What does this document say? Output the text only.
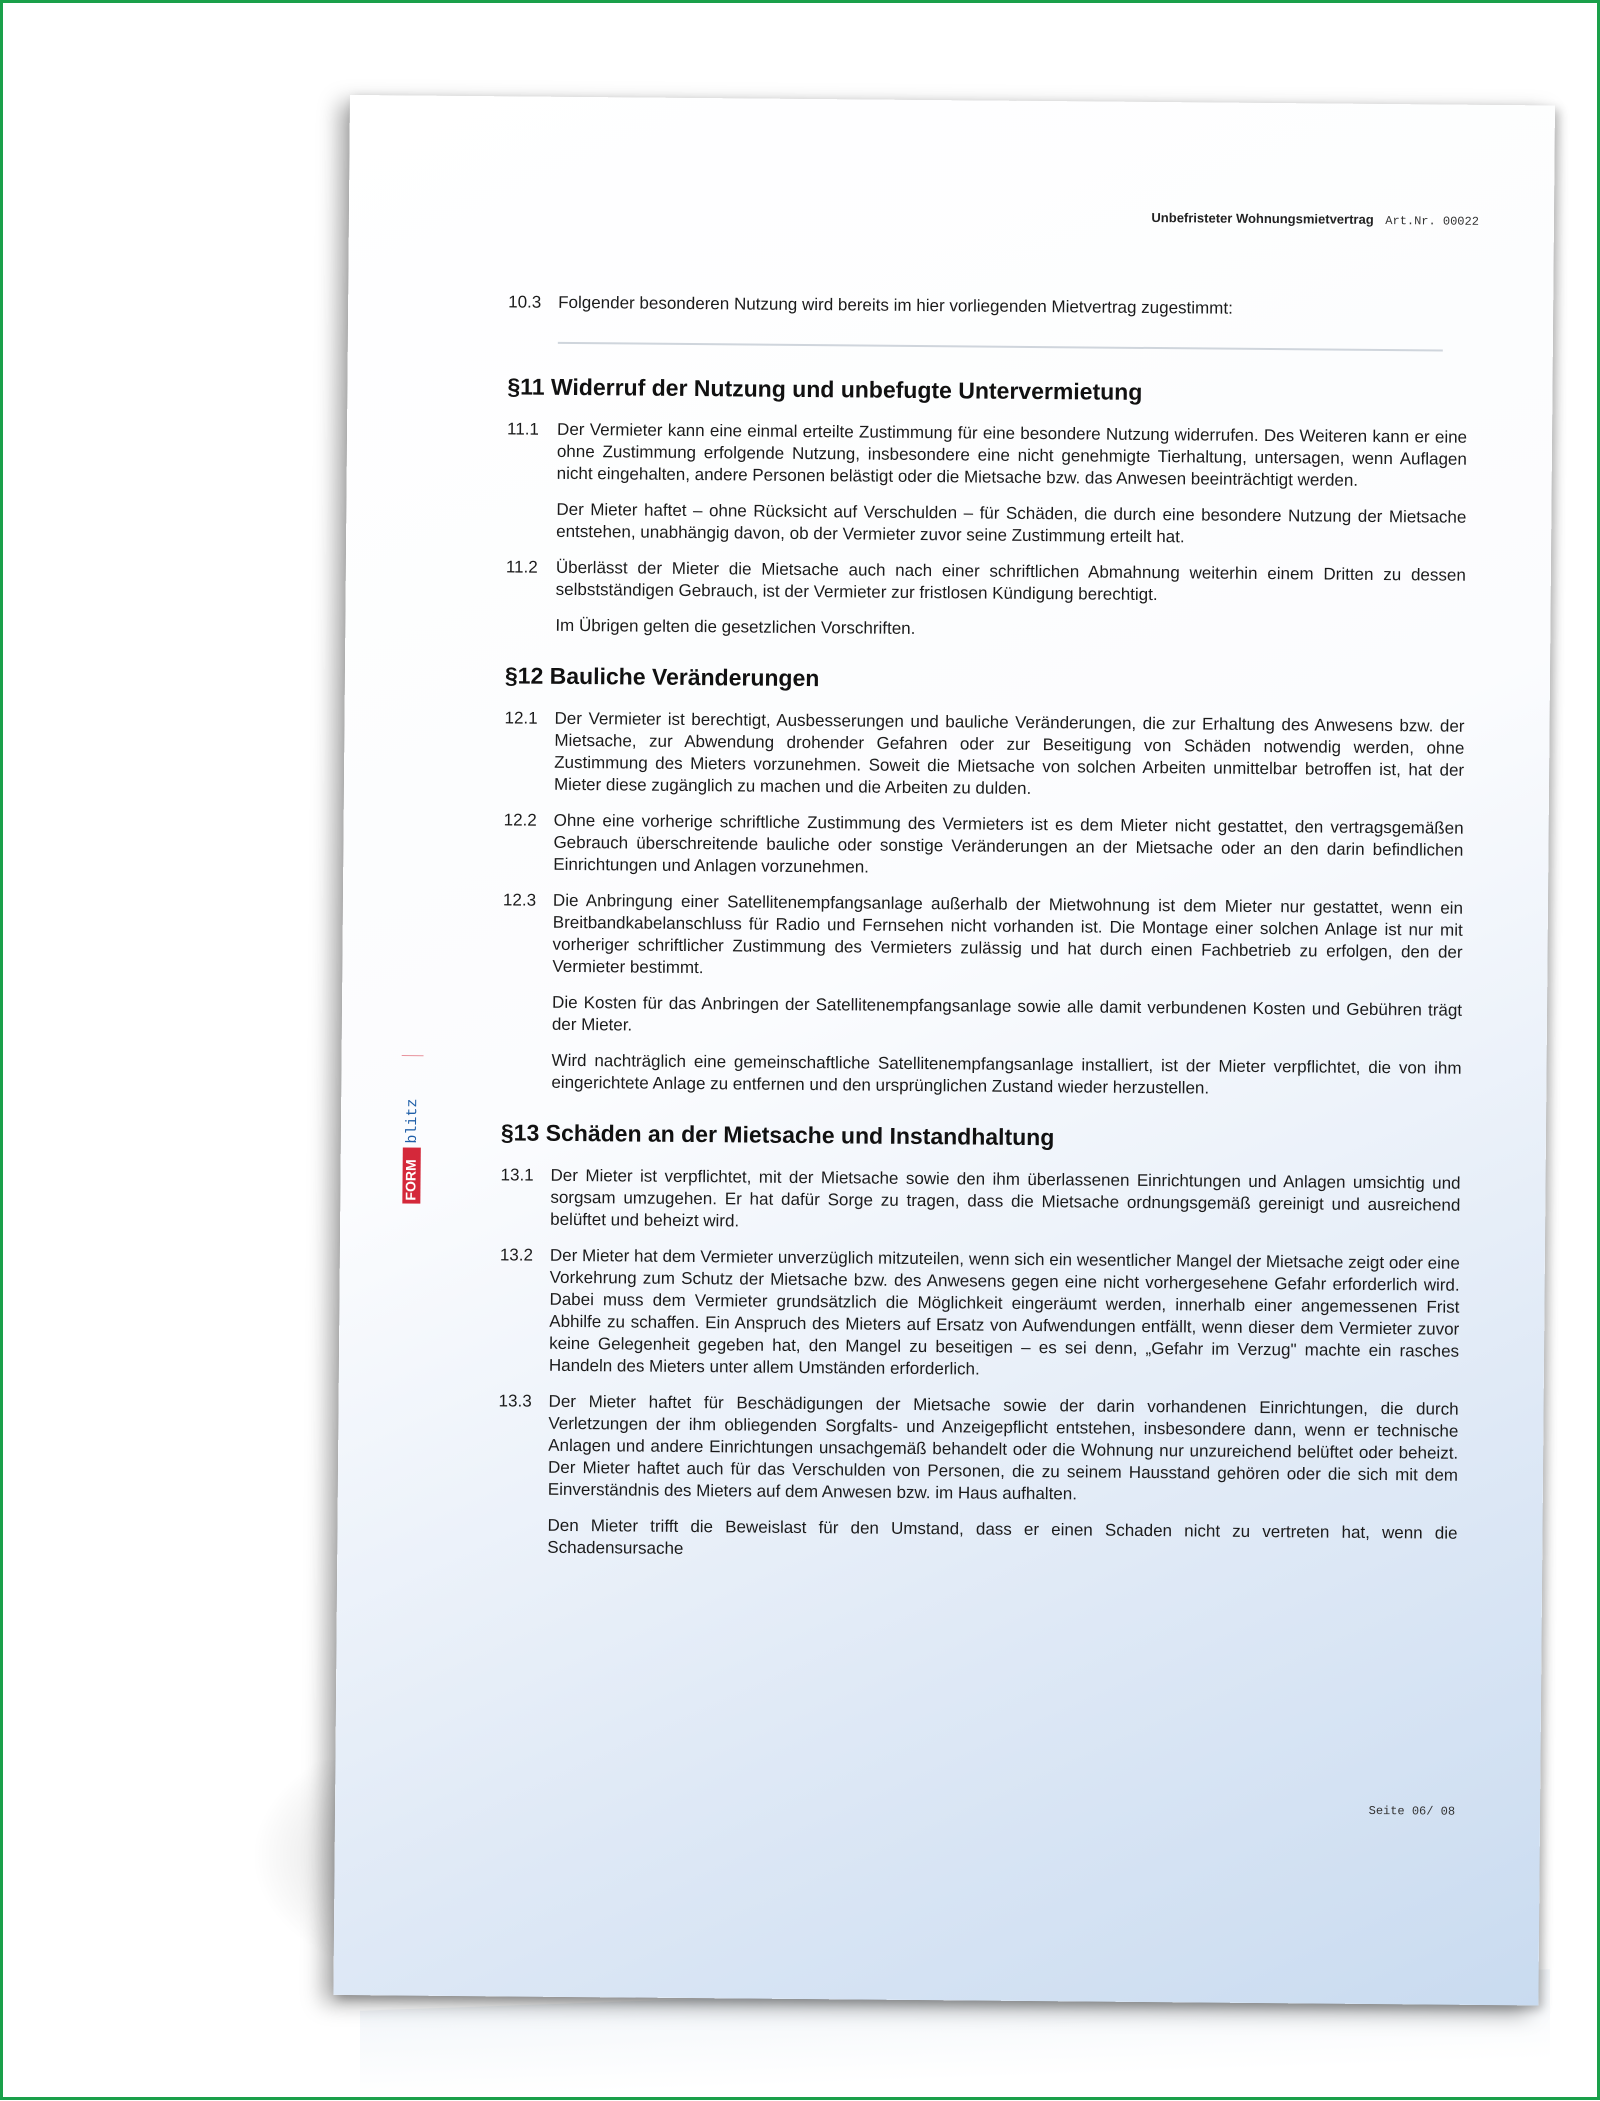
Unbefristeter Wohnungsmietvertrag Art.Nr. 00022
FORM
blitz
10.3 Folgender besonderen Nutzung wird bereits im hier vorliegenden Mietvertrag zugestimmt:
§11 Widerruf der Nutzung und unbefugte Untervermietung
11.1	Der Vermieter kann eine einmal erteilte Zustimmung für eine besondere Nutzung widerrufen. Des Weiteren kann er eine ohne Zustimmung erfolgende Nutzung, insbesondere eine nicht genehmigte Tierhaltung, untersagen, wenn Auflagen nicht eingehalten, andere Personen belästigt oder die Mietsache bzw. das Anwesen beeinträchtigt werden.
Der Mieter haftet – ohne Rücksicht auf Verschulden – für Schäden, die durch eine besondere Nutzung der Mietsache entstehen, unabhängig davon, ob der Vermieter zuvor seine Zustimmung erteilt hat.
11.2	Überlässt der Mieter die Mietsache auch nach einer schriftlichen Abmahnung weiterhin einem Dritten zu dessen selbstständigen Gebrauch, ist der Vermieter zur fristlosen Kündigung berechtigt.
Im Übrigen gelten die gesetzlichen Vorschriften.
§12 Bauliche Veränderungen
12.1 Der Vermieter ist berechtigt, Ausbesserungen und bauliche Veränderungen, die zur Erhaltung des Anwesens bzw. der Mietsache, zur Abwendung drohender Gefahren oder zur Beseitigung von Schäden notwendig werden, ohne Zustimmung des Mieters vorzunehmen. Soweit die Mietsache von solchen Arbeiten unmittelbar betroffen ist, hat der Mieter diese zugänglich zu machen und die Arbeiten zu dulden.
12.2 Ohne eine vorherige schriftliche Zustimmung des Vermieters ist es dem Mieter nicht gestattet, den vertragsgemäßen Gebrauch überschreitende bauliche oder sonstige Veränderungen an der Mietsache oder an den darin befindlichen Einrichtungen und Anlagen vorzunehmen.
12.3 Die Anbringung einer Satellitenempfangsanlage außerhalb der Mietwohnung ist dem Mieter nur gestattet, wenn ein Breitbandkabelanschluss für Radio und Fernsehen nicht vorhanden ist. Die Montage einer solchen Anlage ist nur mit vorheriger schriftlicher Zustimmung des Vermieters zulässig und hat durch einen Fachbetrieb zu erfolgen, den der Vermieter bestimmt.
Die Kosten für das Anbringen der Satellitenempfangsanlage sowie alle damit verbundenen Kosten und Gebühren trägt der Mieter.
Wird nachträglich eine gemeinschaftliche Satellitenempfangsanlage installiert, ist der Mieter verpflichtet, die von ihm eingerichtete Anlage zu entfernen und den ursprünglichen Zustand wieder herzustellen.
§13 Schäden an der Mietsache und Instandhaltung
13.1 Der Mieter ist verpflichtet, mit der Mietsache sowie den ihm überlassenen Einrichtungen und Anlagen umsichtig und sorgsam umzugehen. Er hat dafür Sorge zu tragen, dass die Mietsache ordnungsgemäß gereinigt und ausreichend belüftet und beheizt wird.
13.2 Der Mieter hat dem Vermieter unverzüglich mitzuteilen, wenn sich ein wesentlicher Mangel der Mietsache zeigt oder eine Vorkehrung zum Schutz der Mietsache bzw. des Anwesens gegen eine nicht vorhergesehene Gefahr erforderlich wird. Dabei muss dem Vermieter grundsätzlich die Möglichkeit eingeräumt werden, innerhalb einer angemessenen Frist Abhilfe zu schaffen. Ein Anspruch des Mieters auf Ersatz von Aufwendungen entfällt, wenn dieser dem Vermieter zuvor keine Gelegenheit gegeben hat, den Mangel zu beseitigen – es sei denn, „Gefahr im Verzug" machte ein rasches Handeln des Mieters unter allem Umständen erforderlich.
13.3 Der Mieter haftet für Beschädigungen der Mietsache sowie der darin vorhandenen Einrichtungen, die durch Verletzungen der ihm obliegenden Sorgfalts- und Anzeigepflicht entstehen, insbesondere dann, wenn er technische Anlagen und andere Einrichtungen unsachgemäß behandelt oder die Wohnung nur unzureichend belüftet oder beheizt. Der Mieter haftet auch für das Verschulden von Personen, die zu seinem Hausstand gehören oder die sich mit dem Einverständnis des Mieters auf dem Anwesen bzw. im Haus aufhalten.
Den Mieter trifft die Beweislast für den Umstand, dass er einen Schaden nicht zu vertreten hat, wenn die Schadensursache
Seite 06/ 08
